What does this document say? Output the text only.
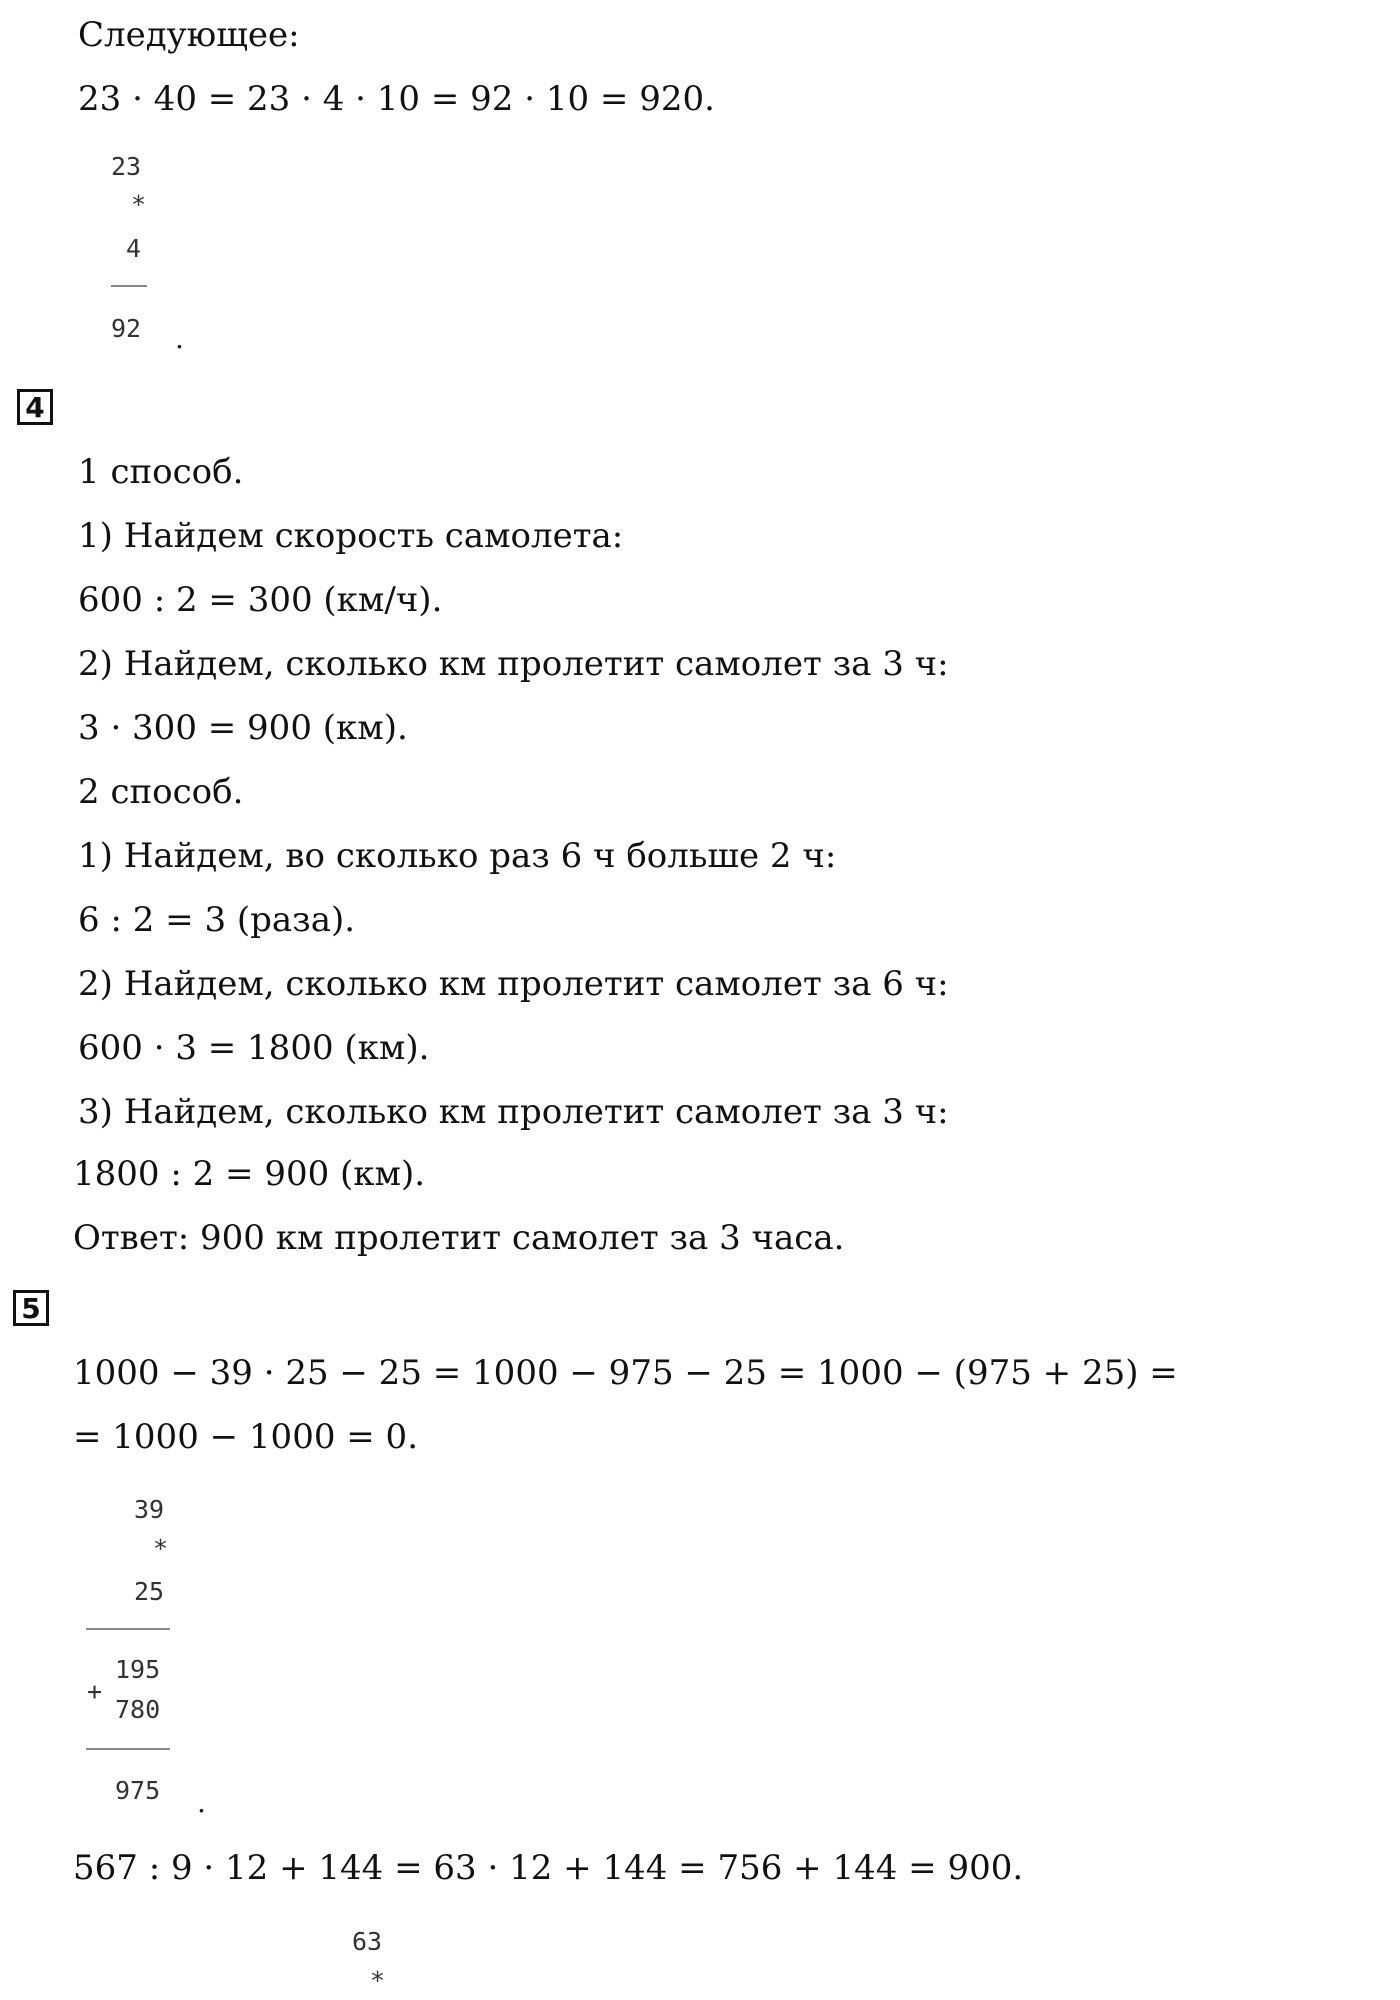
Следующее:
23 · 40 = 23 · 4 · 10 = 92 · 10 = 920.
23
*
4
92 .
4
1 способ.
1) Найдем скорость самолета:
600 : 2 = 300 (км/ч).
2) Найдем, сколько км пролетит самолет за 3 ч:
3 · 300 = 900 (км).
2 способ.
1) Найдем, во сколько раз 6 ч больше 2 ч:
6 : 2 = 3 (раза).
2) Найдем, сколько км пролетит самолет за 6 ч:
600 · 3 = 1800 (км).
3) Найдем, сколько км пролетит самолет за 3 ч:
1800 : 2 = 900 (км).
Ответ: 900 км пролетит самолет за 3 часа.
5
1000 − 39 · 25 − 25 = 1000 − 975 − 25 = 1000 − (975 + 25) =
= 1000 − 1000 = 0.
39
*
25
195
+
780
975 .
567 : 9 · 12 + 144 = 63 · 12 + 144 = 756 + 144 = 900.
63
*
